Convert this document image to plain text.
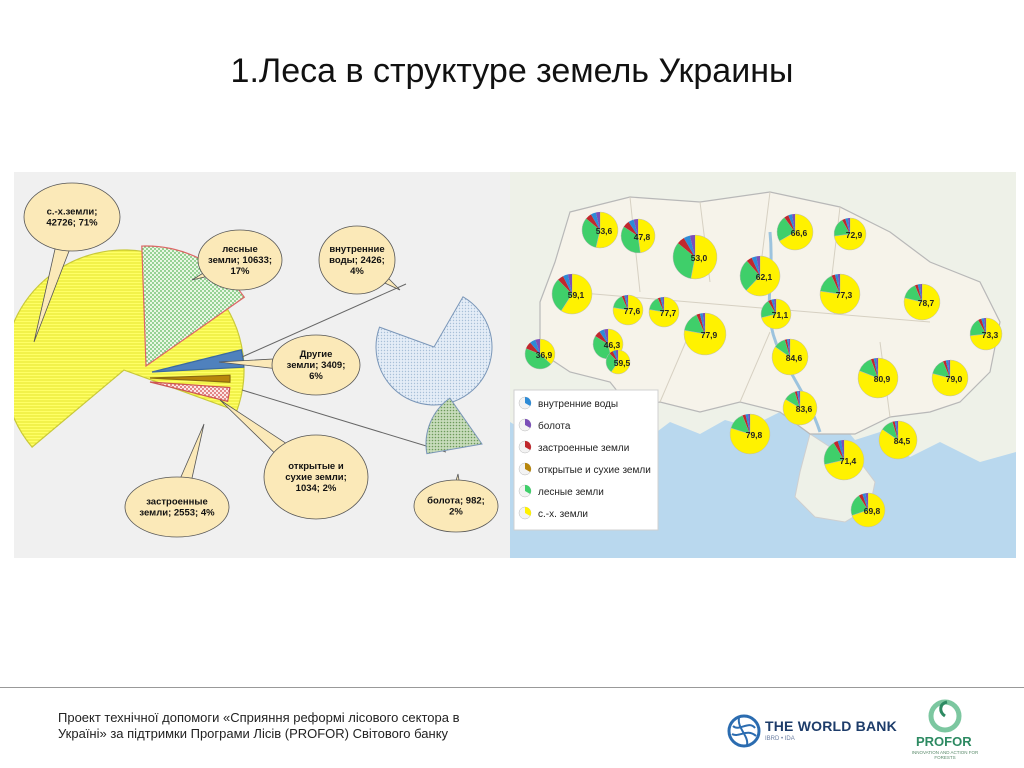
1.Леса в структуре земель Украины
с.-х.земли; 42726; 71%
лесные земли; 10633; 17%
застроенные земли; 2553; 4%
открытые и сухие земли; 1034; 2%
Другие земли; 3409; 6%
внутренние воды; 2426; 4%
болота; 982; 2%
53,6
47,8
53,0
66,6	72,9
62,1
59,1
77,6 77,7
77,3
78,7
71,1
77,9	73,3
36,9
46,3
84,6
59,5
80,9	79,0
79,8
83,6
84,5
71,4
69,8
внутренние воды
болота
застроенные земли
открытые и сухие земли
лесные земли
с.-х. земли
Проект технічної допомоги «Сприяння реформі лісового сектора в Україні» за підтримки Програми Лісів (PROFOR) Світового банку	THE WORLD BANK
IBRD • IDA	PROFOR
INNOVATION AND ACTION FOR FORESTS
